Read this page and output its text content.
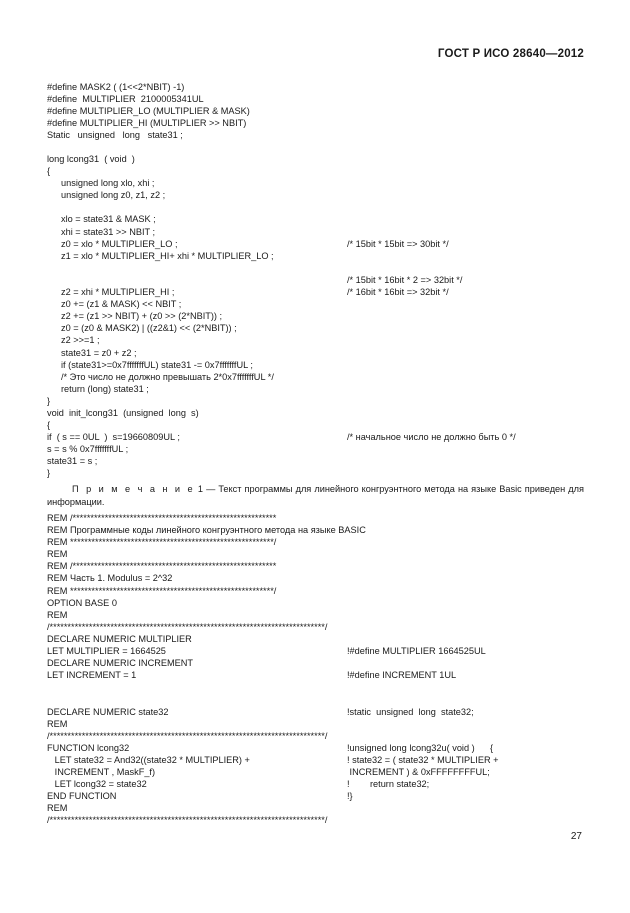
ГОСТ Р ИСО 28640—2012
#define MASK2 ( (1<<2*NBIT) -1)
#define  MULTIPLIER  2100005341UL
#define MULTIPLIER_LO (MULTIPLIER & MASK)
#define MULTIPLIER_HI (MULTIPLIER >> NBIT)
Static   unsigned   long   state31 ;
long lcong31  ( void  )
{
unsigned long xlo, xhi ;
unsigned long z0, z1, z2 ;
xlo = state31 & MASK ;
xhi = state31 >> NBIT ;
z0 = xlo * MULTIPLIER_LO ;	/* 15bit * 15bit => 30bit */
z1 = xlo * MULTIPLIER_HI+ xhi * MULTIPLIER_LO ;
/* 15bit * 16bit * 2 => 32bit */
z2 = xhi * MULTIPLIER_HI ;	/* 16bit * 16bit => 32bit */
z0 += (z1 & MASK) << NBIT ;
z2 += (z1 >> NBIT) + (z0 >> (2*NBIT)) ;
z0 = (z0 & MASK2) | ((z2&1) << (2*NBIT)) ;
z2 >>=1 ;
state31 = z0 + z2 ;
if (state31>=0x7fffffffUL) state31 -= 0x7fffffffUL ;
/* Это число не должно превышать 2*0x7fffffffUL */
return (long) state31 ;
}
void  init_lcong31  (unsigned  long  s)
{
if  ( s == 0UL  )  s=19660809UL ;	/* начальное число не должно быть 0 */
s = s % 0x7fffffffUL ;
state31 = s ;
}
П р и м е ч а н и е 1 — Текст программы для линейного конгруэнтного метода на языке Basic приведен для информации.
REM /*********************************************************
REM Программные коды линейного конгруэнтного метода на языке BASIC
REM *********************************************************/
REM
REM /*********************************************************
REM Часть 1. Modulus = 2^32
REM *********************************************************/
OPTION BASE 0
REM
/*****************************************************************************/
DECLARE NUMERIC MULTIPLIER
LET MULTIPLIER = 1664525	!#define MULTIPLIER 1664525UL
DECLARE NUMERIC INCREMENT
LET INCREMENT = 1	!#define INCREMENT 1UL
DECLARE NUMERIC state32	!static  unsigned  long  state32;
REM
/*****************************************************************************/
FUNCTION lcong32	!unsigned long lcong32u( void )      {
LET state32 = And32((state32 * MULTIPLIER) +	! state32 = ( state32 * MULTIPLIER +
INCREMENT , MaskF_f)	INCREMENT ) & 0xFFFFFFFFUL;
LET lcong32 = state32	!        return state32;
END FUNCTION	!}
REM
/*****************************************************************************/
27
